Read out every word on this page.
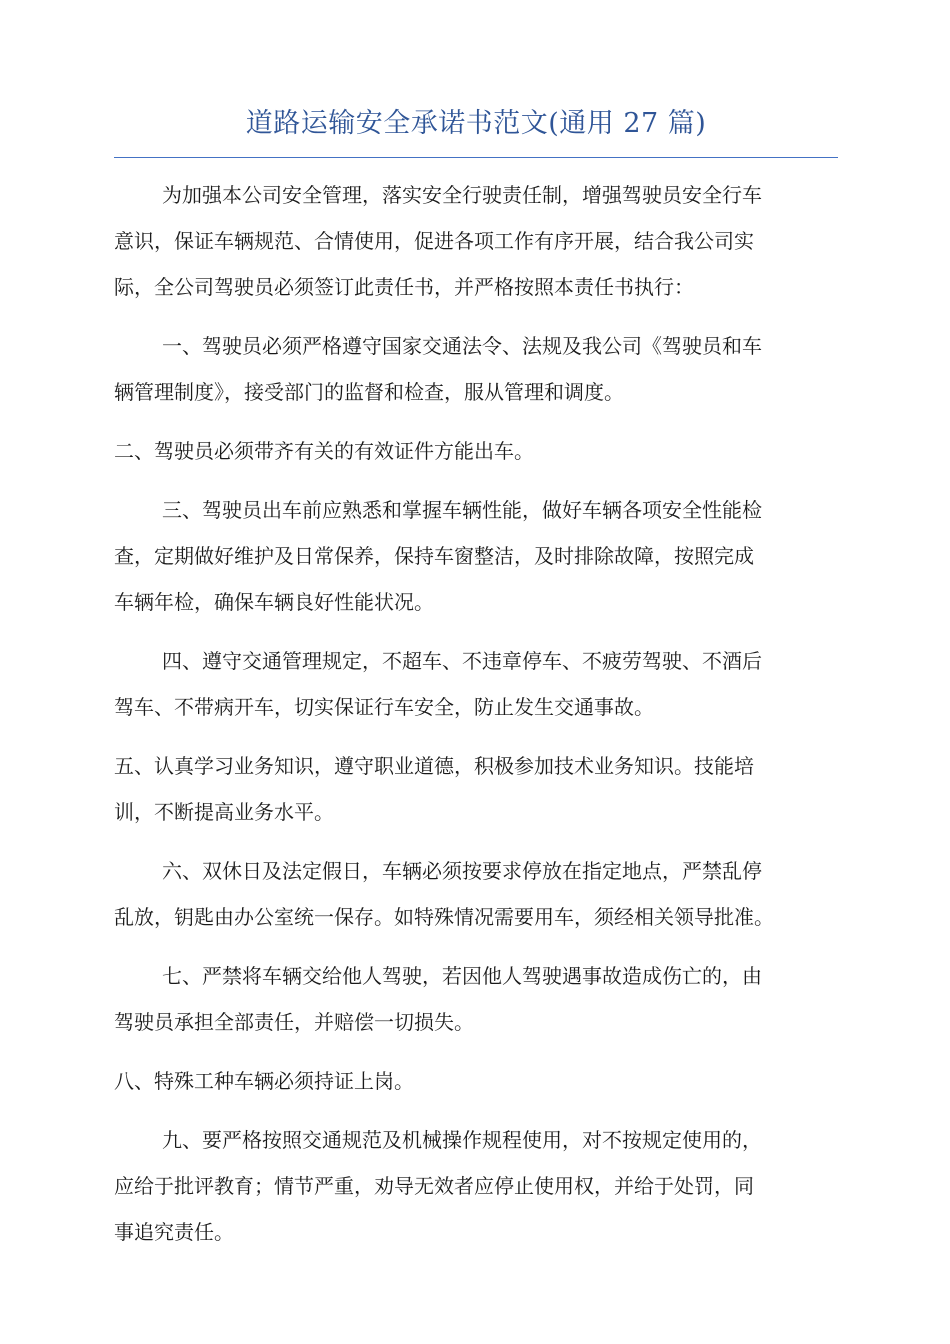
道路运输安全承诺书范文(通用 27 篇)
为加强本公司安全管理，落实安全行驶责任制，增强驾驶员安全行车
意识，保证车辆规范、合情使用，促进各项工作有序开展，结合我公司实
际，全公司驾驶员必须签订此责任书，并严格按照本责任书执行：
一、驾驶员必须严格遵守国家交通法令、法规及我公司《驾驶员和车
辆管理制度》，接受部门的监督和检查，服从管理和调度。
二、驾驶员必须带齐有关的有效证件方能出车。
三、驾驶员出车前应熟悉和掌握车辆性能，做好车辆各项安全性能检
查，定期做好维护及日常保养，保持车窗整洁，及时排除故障，按照完成
车辆年检，确保车辆良好性能状况。
四、遵守交通管理规定，不超车、不违章停车、不疲劳驾驶、不酒后
驾车、不带病开车，切实保证行车安全，防止发生交通事故。
五、认真学习业务知识，遵守职业道德，积极参加技术业务知识。技能培
训，不断提高业务水平。
六、双休日及法定假日，车辆必须按要求停放在指定地点，严禁乱停
乱放，钥匙由办公室统一保存。如特殊情况需要用车，须经相关领导批准。
七、严禁将车辆交给他人驾驶，若因他人驾驶遇事故造成伤亡的，由
驾驶员承担全部责任，并赔偿一切损失。
八、特殊工种车辆必须持证上岗。
九、要严格按照交通规范及机械操作规程使用，对不按规定使用的，
应给于批评教育；情节严重，劝导无效者应停止使用权，并给于处罚，同
事追究责任。
